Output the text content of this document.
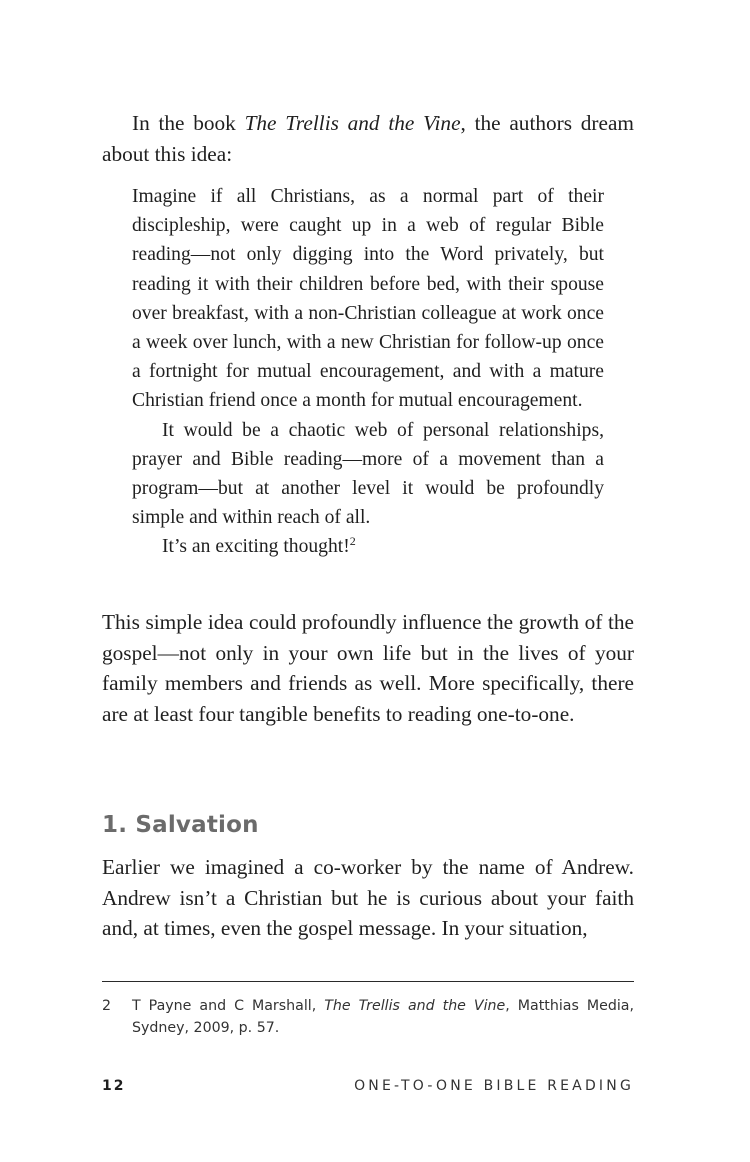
In the book The Trellis and the Vine, the authors dream about this idea:

Imagine if all Christians, as a normal part of their discipleship, were caught up in a web of regular Bible reading—not only digging into the Word privately, but reading it with their children before bed, with their spouse over breakfast, with a non-Christian colleague at work once a week over lunch, with a new Christian for follow-up once a fortnight for mutual encouragement, and with a mature Christian friend once a month for mutual encouragement.

It would be a chaotic web of personal relationships, prayer and Bible reading—more of a movement than a program—but at another level it would be profoundly simple and within reach of all.

It’s an exciting thought!$^2$

This simple idea could profoundly influence the growth of the gospel—not only in your own life but in the lives of your family members and friends as well. More specifically, there are at least four tangible benefits to reading one-to-one.

1. Salvation

Earlier we imagined a co-worker by the name of Andrew. Andrew isn’t a Christian but he is curious about your faith and, at times, even the gospel message. In your situation,

2 T Payne and C Marshall, The Trellis and the Vine, Matthias Media, Sydney, 2009, p. 57.
12	ONE-TO-ONE BIBLE READING
